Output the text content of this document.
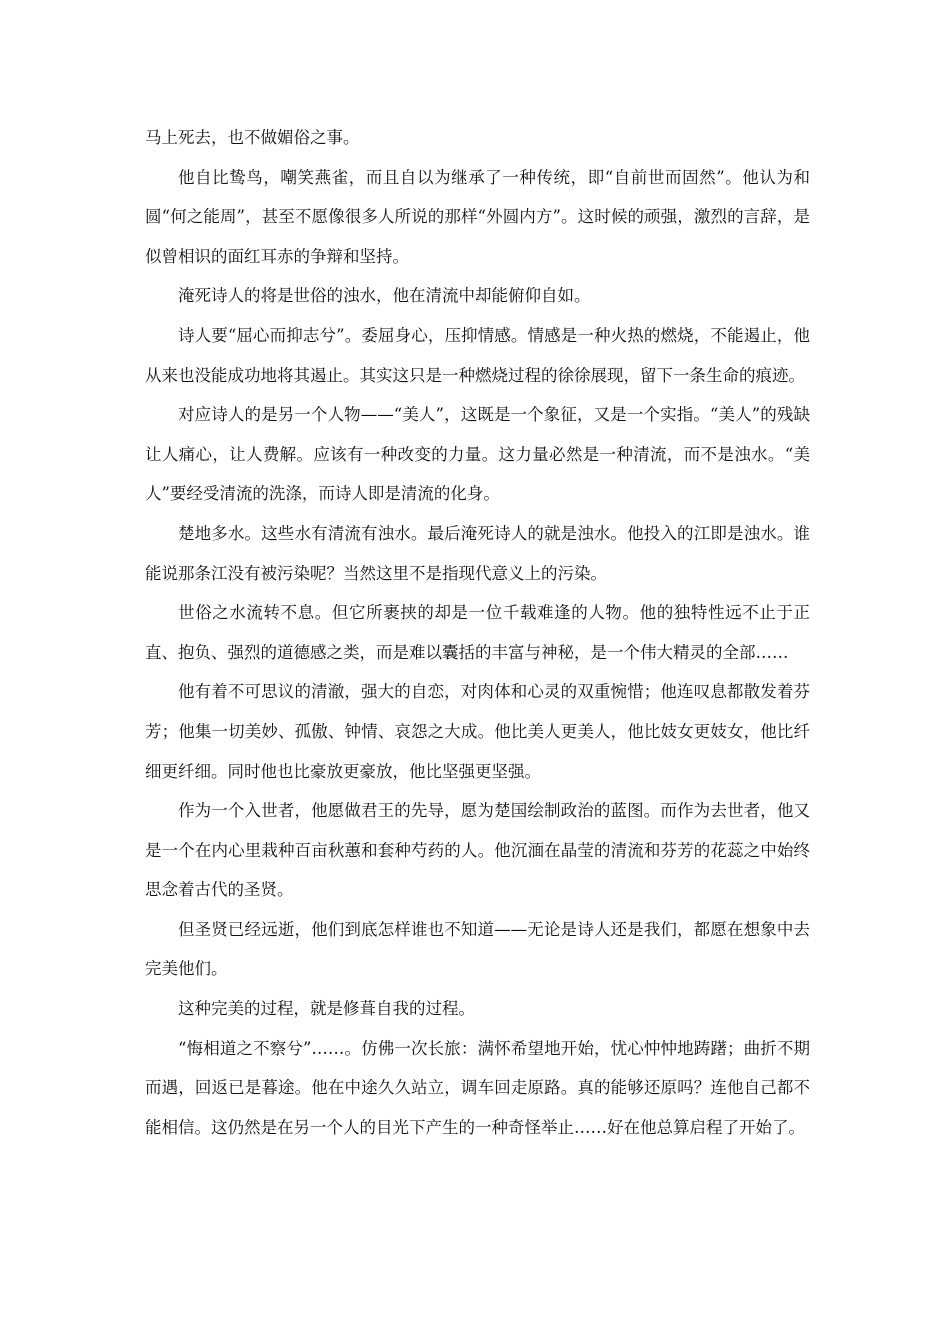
马上死去，也不做媚俗之事。

他自比鸷鸟，嘲笑燕雀，而且自以为继承了一种传统，即“自前世而固然”。他认为和圆“何之能周”，甚至不愿像很多人所说的那样“外圆内方”。这时候的顽强，激烈的言辞，是似曾相识的面红耳赤的争辩和坚持。

淹死诗人的将是世俗的浊水，他在清流中却能俯仰自如。

诗人要“屈心而抑志兮”。委屈身心，压抑情感。情感是一种火热的燃烧，不能遏止，他从来也没能成功地将其遏止。其实这只是一种燃烧过程的徐徐展现，留下一条生命的痕迹。

对应诗人的是另一个人物——“美人”，这既是一个象征，又是一个实指。“美人”的残缺让人痛心，让人费解。应该有一种改变的力量。这力量必然是一种清流，而不是浊水。“美人”要经受清流的洗涤，而诗人即是清流的化身。

楚地多水。这些水有清流有浊水。最后淹死诗人的就是浊水。他投入的江即是浊水。谁能说那条江没有被污染呢？当然这里不是指现代意义上的污染。

世俗之水流转不息。但它所裹挟的却是一位千载难逢的人物。他的独特性远不止于正直、抱负、强烈的道德感之类，而是难以囊括的丰富与神秘，是一个伟大精灵的全部……

他有着不可思议的清澈，强大的自恋，对肉体和心灵的双重惋惜；他连叹息都散发着芬芳；他集一切美妙、孤傲、钟情、哀怨之大成。他比美人更美人，他比妓女更妓女，他比纤细更纤细。同时他也比豪放更豪放，他比坚强更坚强。

作为一个入世者，他愿做君王的先导，愿为楚国绘制政治的蓝图。而作为去世者，他又是一个在内心里栽种百亩秋蕙和套种芍药的人。他沉湎在晶莹的清流和芬芳的花蕊之中始终思念着古代的圣贤。

但圣贤已经远逝，他们到底怎样谁也不知道——无论是诗人还是我们，都愿在想象中去完美他们。

这种完美的过程，就是修葺自我的过程。

“悔相道之不察兮”……。仿佛一次长旅：满怀希望地开始，忧心忡忡地踌躇；曲折不期而遇，回返已是暮途。他在中途久久站立，调车回走原路。真的能够还原吗？连他自己都不能相信。这仍然是在另一个人的目光下产生的一种奇怪举止……好在他总算启程了开始了。
